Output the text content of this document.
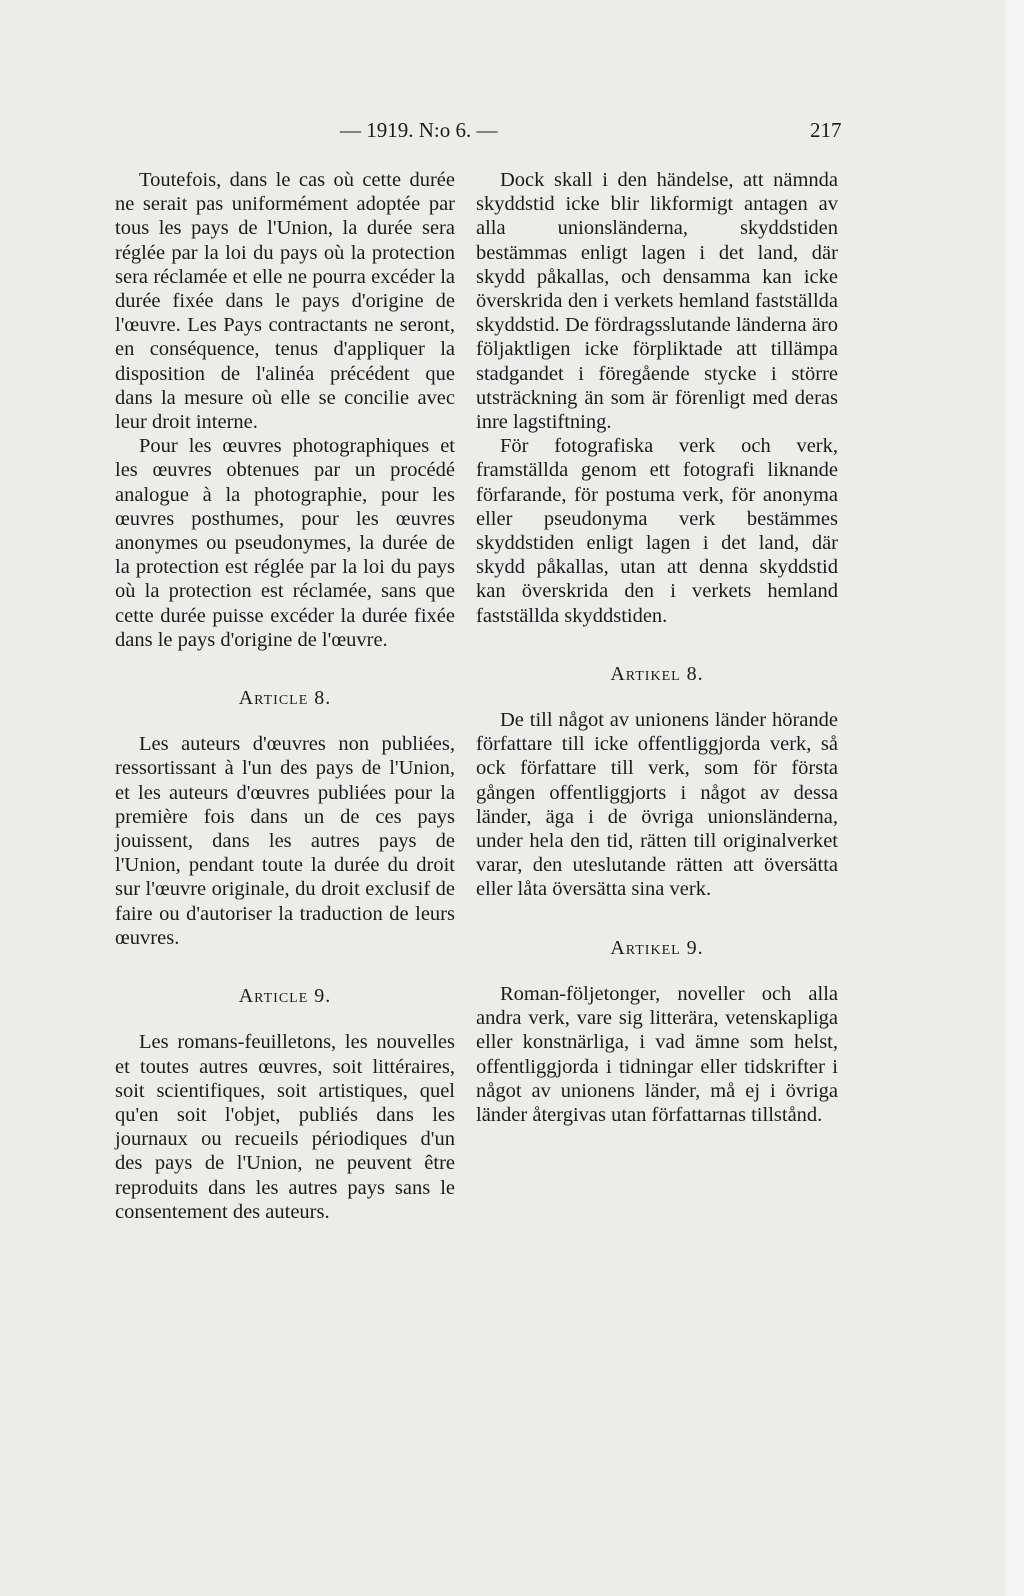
— 1919. N:o 6. —	217

Toutefois, dans le cas où cette durée ne serait pas uniformément adoptée par tous les pays de l'Union, la durée sera réglée par la loi du pays où la protection sera réclamée et elle ne pourra excéder la durée fixée dans le pays d'origine de l'œuvre. Les Pays contractants ne seront, en conséquence, tenus d'appliquer la disposition de l'alinéa précédent que dans la mesure où elle se concilie avec leur droit interne.

Pour les œuvres photographiques et les œuvres obtenues par un procédé analogue à la photographie, pour les œuvres posthumes, pour les œuvres anonymes ou pseudonymes, la durée de la protection est réglée par la loi du pays où la protection est réclamée, sans que cette durée puisse excéder la durée fixée dans le pays d'origine de l'œuvre.

Article 8.

Les auteurs d'œuvres non publiées, ressortissant à l'un des pays de l'Union, et les auteurs d'œuvres publiées pour la première fois dans un de ces pays jouissent, dans les autres pays de l'Union, pendant toute la durée du droit sur l'œuvre originale, du droit exclusif de faire ou d'autoriser la traduction de leurs œuvres.

Article 9.

Les romans-feuilletons, les nouvelles et toutes autres œuvres, soit littéraires, soit scientifiques, soit artistiques, quel qu'en soit l'objet, publiés dans les journaux ou recueils périodiques d'un des pays de l'Union, ne peuvent être reproduits dans les autres pays sans le consentement des auteurs.

Dock skall i den händelse, att nämnda skyddstid icke blir likformigt antagen av alla unionsländerna, skyddstiden bestämmas enligt lagen i det land, där skydd påkallas, och densamma kan icke överskrida den i verkets hemland fastställda skyddstid. De fördragsslutande länderna äro följaktligen icke förpliktade att tillämpa stadgandet i föregående stycke i större utsträckning än som är förenligt med deras inre lagstiftning.

För fotografiska verk och verk, framställda genom ett fotografi liknande förfarande, för postuma verk, för anonyma eller pseudonyma verk bestämmes skyddstiden enligt lagen i det land, där skydd påkallas, utan att denna skyddstid kan överskrida den i verkets hemland fastställda skyddstiden.

Artikel 8.

De till något av unionens länder hörande författare till icke offentliggjorda verk, så ock författare till verk, som för första gången offentliggjorts i något av dessa länder, äga i de övriga unionsländerna, under hela den tid, rätten till originalverket varar, den uteslutande rätten att översätta eller låta översätta sina verk.

Artikel 9.

Roman-följetonger, noveller och alla andra verk, vare sig litterära, vetenskapliga eller konstnärliga, i vad ämne som helst, offentliggjorda i tidningar eller tidskrifter i något av unionens länder, må ej i övriga länder återgivas utan författarnas tillstånd.
